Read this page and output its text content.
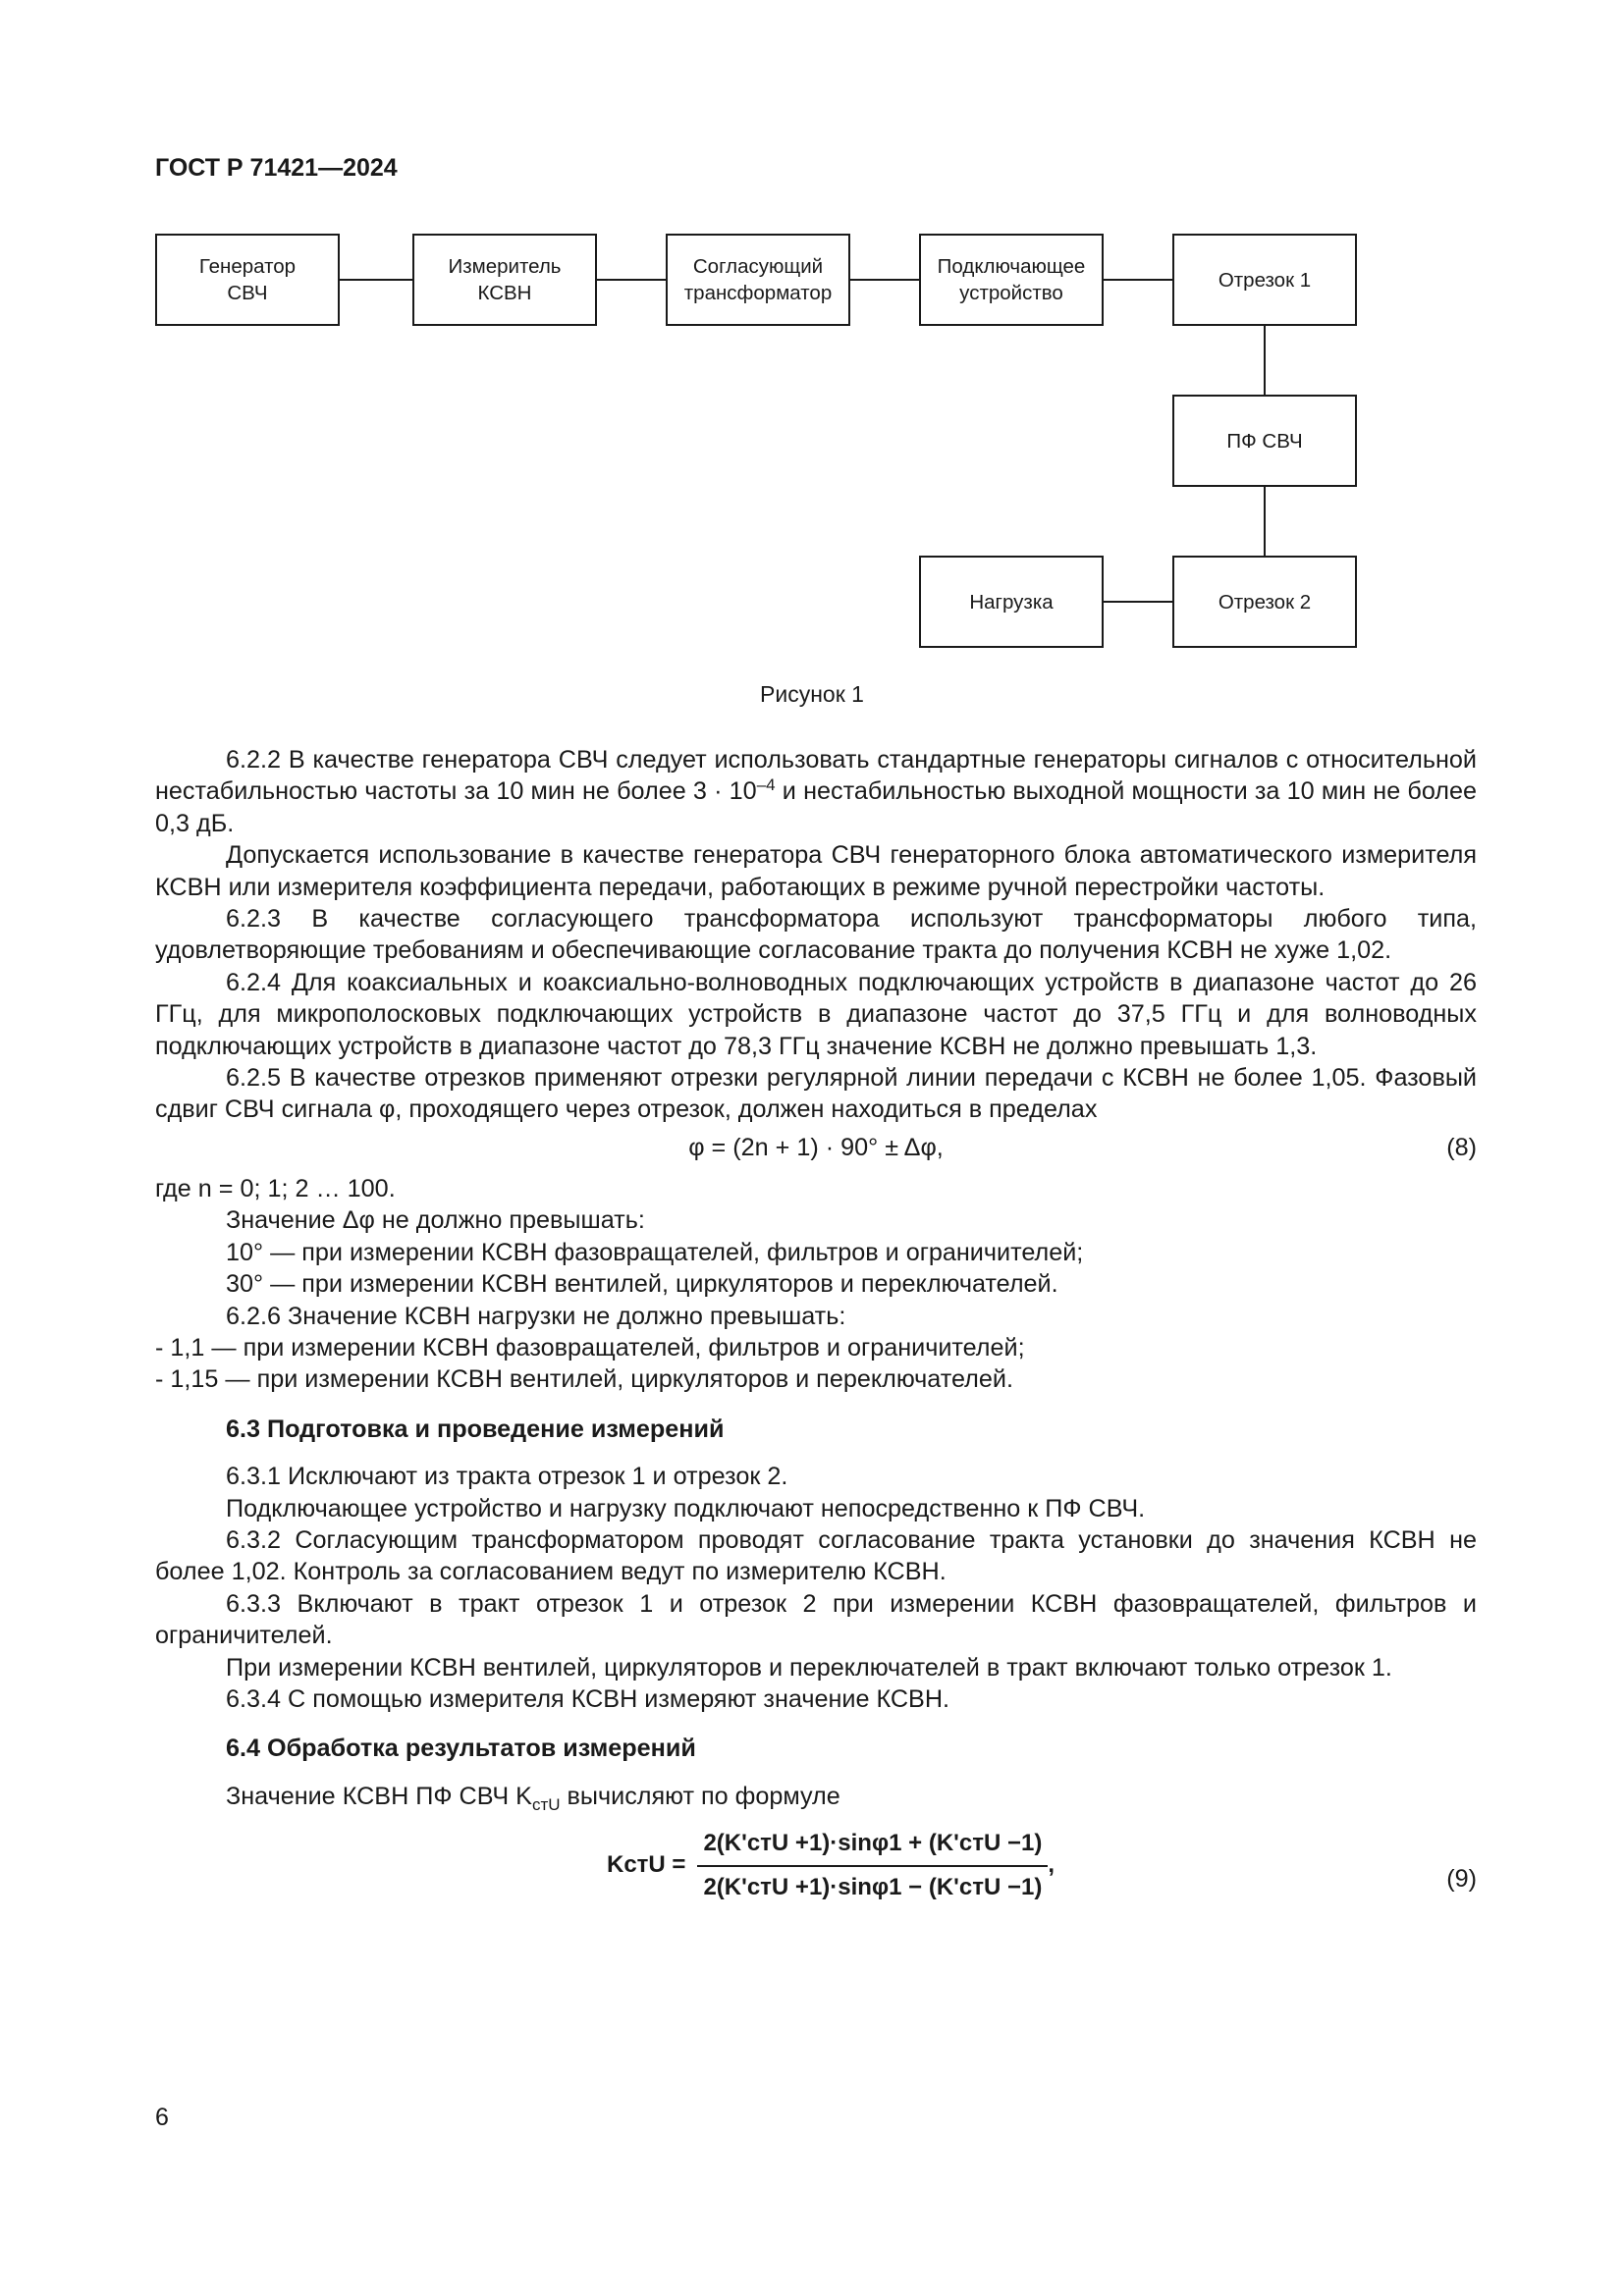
ГОСТ Р 71421—2024
Генератор
СВЧ
Измеритель
КСВН
Согласующий
трансформатор
Подключающее
устройство
Отрезок 1
ПФ СВЧ
Отрезок 2
Нагрузка
Рисунок 1

6.2.2 В качестве генератора СВЧ следует использовать стандартные генераторы сигналов с относительной нестабильностью частоты за 10 мин не более $3 \cdot 10^{-4}$ и нестабильностью выходной мощности за 10 мин не более 0,3 дБ.

Допускается использование в качестве генератора СВЧ генераторного блока автоматического измерителя КСВН или измерителя коэффициента передачи, работающих в режиме ручной перестройки частоты.

6.2.3 В качестве согласующего трансформатора используют трансформаторы любого типа, удовлетворяющие требованиям и обеспечивающие согласование тракта до получения КСВН не хуже 1,02.

6.2.4 Для коаксиальных и коаксиально-волноводных подключающих устройств в диапазоне частот до 26 ГГц, для микрополосковых подключающих устройств в диапазоне частот до 37,5 ГГц и для волноводных подключающих устройств в диапазоне частот до 78,3 ГГц значение КСВН не должно превышать 1,3.

6.2.5 В качестве отрезков применяют отрезки регулярной линии передачи с КСВН не более 1,05. Фазовый сдвиг СВЧ сигнала φ, проходящего через отрезок, должен находиться в пределах

φ = (2n + 1) · 90° ± Δφ,	(8)

где n = 0; 1; 2 … 100.

Значение Δφ не должно превышать:

10° — при измерении КСВН фазовращателей, фильтров и ограничителей;

30° — при измерении КСВН вентилей, циркуляторов и переключателей.

6.2.6 Значение КСВН нагрузки не должно превышать:

- 1,1 — при измерении КСВН фазовращателей, фильтров и ограничителей;

- 1,15 — при измерении КСВН вентилей, циркуляторов и переключателей.

6.3 Подготовка и проведение измерений

6.3.1 Исключают из тракта отрезок 1 и отрезок 2.

Подключающее устройство и нагрузку подключают непосредственно к ПФ СВЧ.

6.3.2 Согласующим трансформатором проводят согласование тракта установки до значения КСВН не более 1,02. Контроль за согласованием ведут по измерителю КСВН.

6.3.3 Включают в тракт отрезок 1 и отрезок 2 при измерении КСВН фазовращателей, фильтров и ограничителей.

При измерении КСВН вентилей, циркуляторов и переключателей в тракт включают только отрезок 1.

6.3.4 С помощью измерителя КСВН измеряют значение КСВН.

6.4 Обработка результатов измерений

Значение КСВН ПФ СВЧ $K_{стU}$ вычисляют по формуле

KстU = $\frac{\text{2(K'стU +1)·sinφ1 + (K'стU −1)}}{\text{2(K'стU +1)·sinφ1 − (K'стU −1)}}$ ,
(9)
6
